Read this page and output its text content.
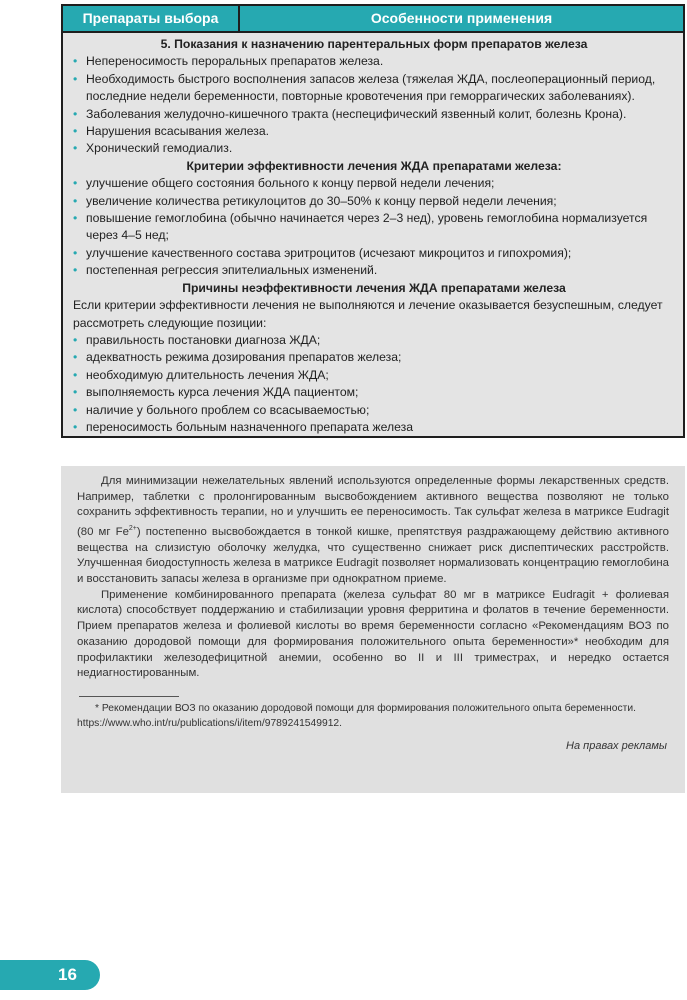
Препараты выбора	Особенности применения
5. Показания к назначению парентеральных форм препаратов железа
• Непереносимость пероральных препаратов железа.
• Необходимость быстрого восполнения запасов железа (тяжелая ЖДА, послеоперационный период, последние недели беременности, повторные кровотечения при геморрагических заболеваниях).
• Заболевания желудочно-кишечного тракта (неспецифический язвенный колит, болезнь Крона).
• Нарушения всасывания железа.
• Хронический гемодиализ.
Критерии эффективности лечения ЖДА препаратами железа:
• улучшение общего состояния больного к концу первой недели лечения;
• увеличение количества ретикулоцитов до 30–50% к концу первой недели лечения;
• повышение гемоглобина (обычно начинается через 2–3 нед), уровень гемоглобина нормализуется через 4–5 нед;
• улучшение качественного состава эритроцитов (исчезают микроцитоз и гипохромия);
• постепенная регрессия эпителиальных изменений.
Причины неэффективности лечения ЖДА препаратами железа

Если критерии эффективности лечения не выполняются и лечение оказывается безуспешным, следует рассмотреть следующие позиции:

• правильность постановки диагноза ЖДА;
• адекватность режима дозирования препаратов железа;
• необходимую длительность лечения ЖДА;
• выполняемость курса лечения ЖДА пациентом;
• наличие у больного проблем со всасываемостью;
• переносимость больным назначенного препарата железа

Для минимизации нежелательных явлений используются определенные формы лекарственных средств. Например, таблетки с пролонгированным высвобождением активного вещества позволяют не только сохранить эффективность терапии, но и улучшить ее переносимость. Так сульфат железа в матриксе Eudragit (80 мг $Fe^{2+}$) постепенно высвобождается в тонкой кишке, препятствуя раздражающему действию активного вещества на слизистую оболочку желудка, что существенно снижает риск диспептических расстройств. Улучшенная биодоступность железа в матриксе Eudragit позволяет нормализовать концентрацию гемоглобина и восстановить запасы железа в организме при однократном приеме.

Применение комбинированного препарата (железа сульфат 80 мг в матриксе Eudragit + фолиевая кислота) способствует поддержанию и стабилизации уровня ферритина и фолатов в течение беременности. Прием препаратов железа и фолиевой кислоты во время беременности согласно «Рекомендациям ВОЗ по оказанию дородовой помощи для формирования положительного опыта беременности»* необходим для профилактики железодефицитной анемии, особенно во II и III триместрах, и нередко остается недиагностированным.

* Рекомендации ВОЗ по оказанию дородовой помощи для формирования положительного опыта беременности.

https://www.who.int/ru/publications/i/item/9789241549912.

На правах рекламы
16
